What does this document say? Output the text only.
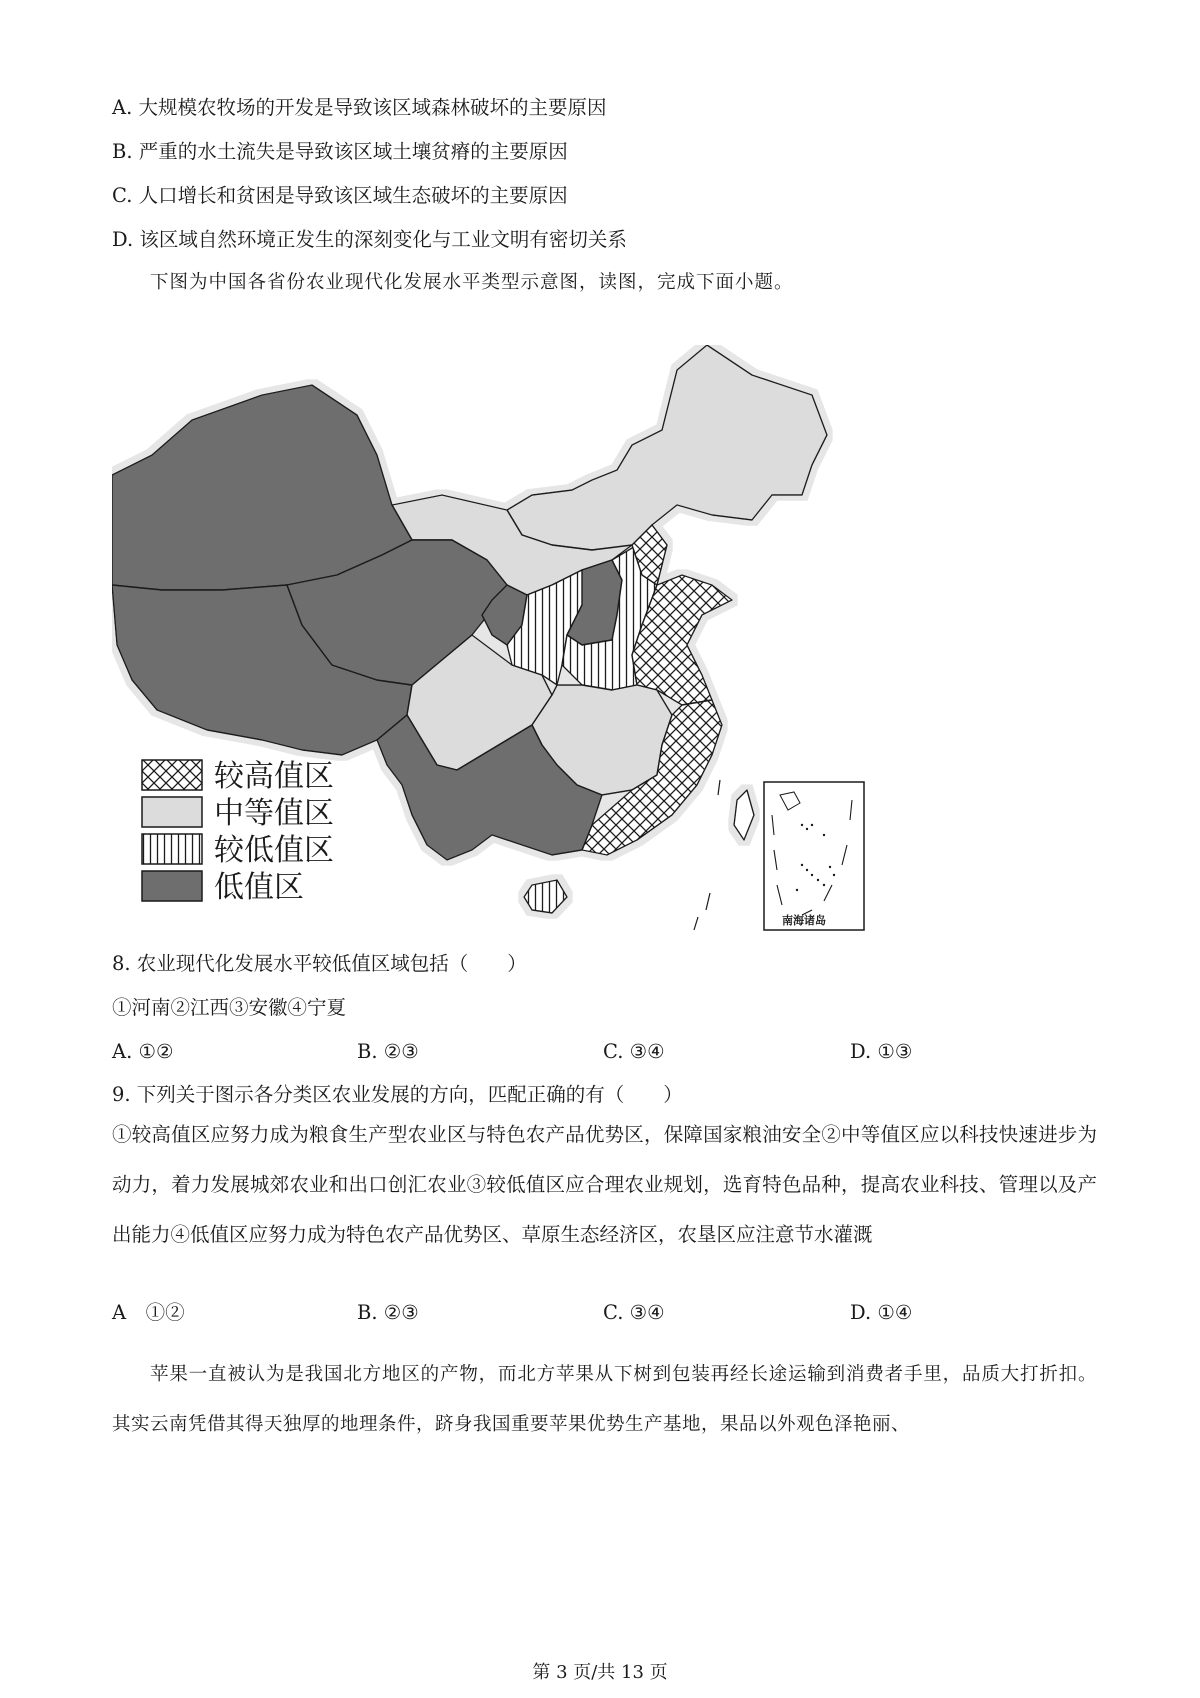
A. 大规模农牧场的开发是导致该区域森林破坏的主要原因
B. 严重的水土流失是导致该区域土壤贫瘠的主要原因
C. 人口增长和贫困是导致该区域生态破坏的主要原因
D. 该区域自然环境正发生的深刻变化与工业文明有密切关系
下图为中国各省份农业现代化发展水平类型示意图，读图，完成下面小题。
较高值区
中等值区
较低值区
低值区
南海诸岛
8. 农业现代化发展水平较低值区域包括（　　）
①河南②江西③安徽④宁夏
A. ①②	B. ②③	C. ③④	D. ①③
9. 下列关于图示各分类区农业发展的方向，匹配正确的有（　　）
①较高值区应努力成为粮食生产型农业区与特色农产品优势区，保障国家粮油安全②中等值区应以科技快速进步为动力，着力发展城郊农业和出口创汇农业③较低值区应合理农业规划，选育特色品种，提高农业科技、管理以及产出能力④低值区应努力成为特色农产品优势区、草原生态经济区，农垦区应注意节水灌溉
A　①②	B. ②③	C. ③④	D. ①④
苹果一直被认为是我国北方地区的产物，而北方苹果从下树到包装再经长途运输到消费者手里，品质大打折扣。其实云南凭借其得天独厚的地理条件，跻身我国重要苹果优势生产基地，果品以外观色泽艳丽、
第 3 页/共 13 页
